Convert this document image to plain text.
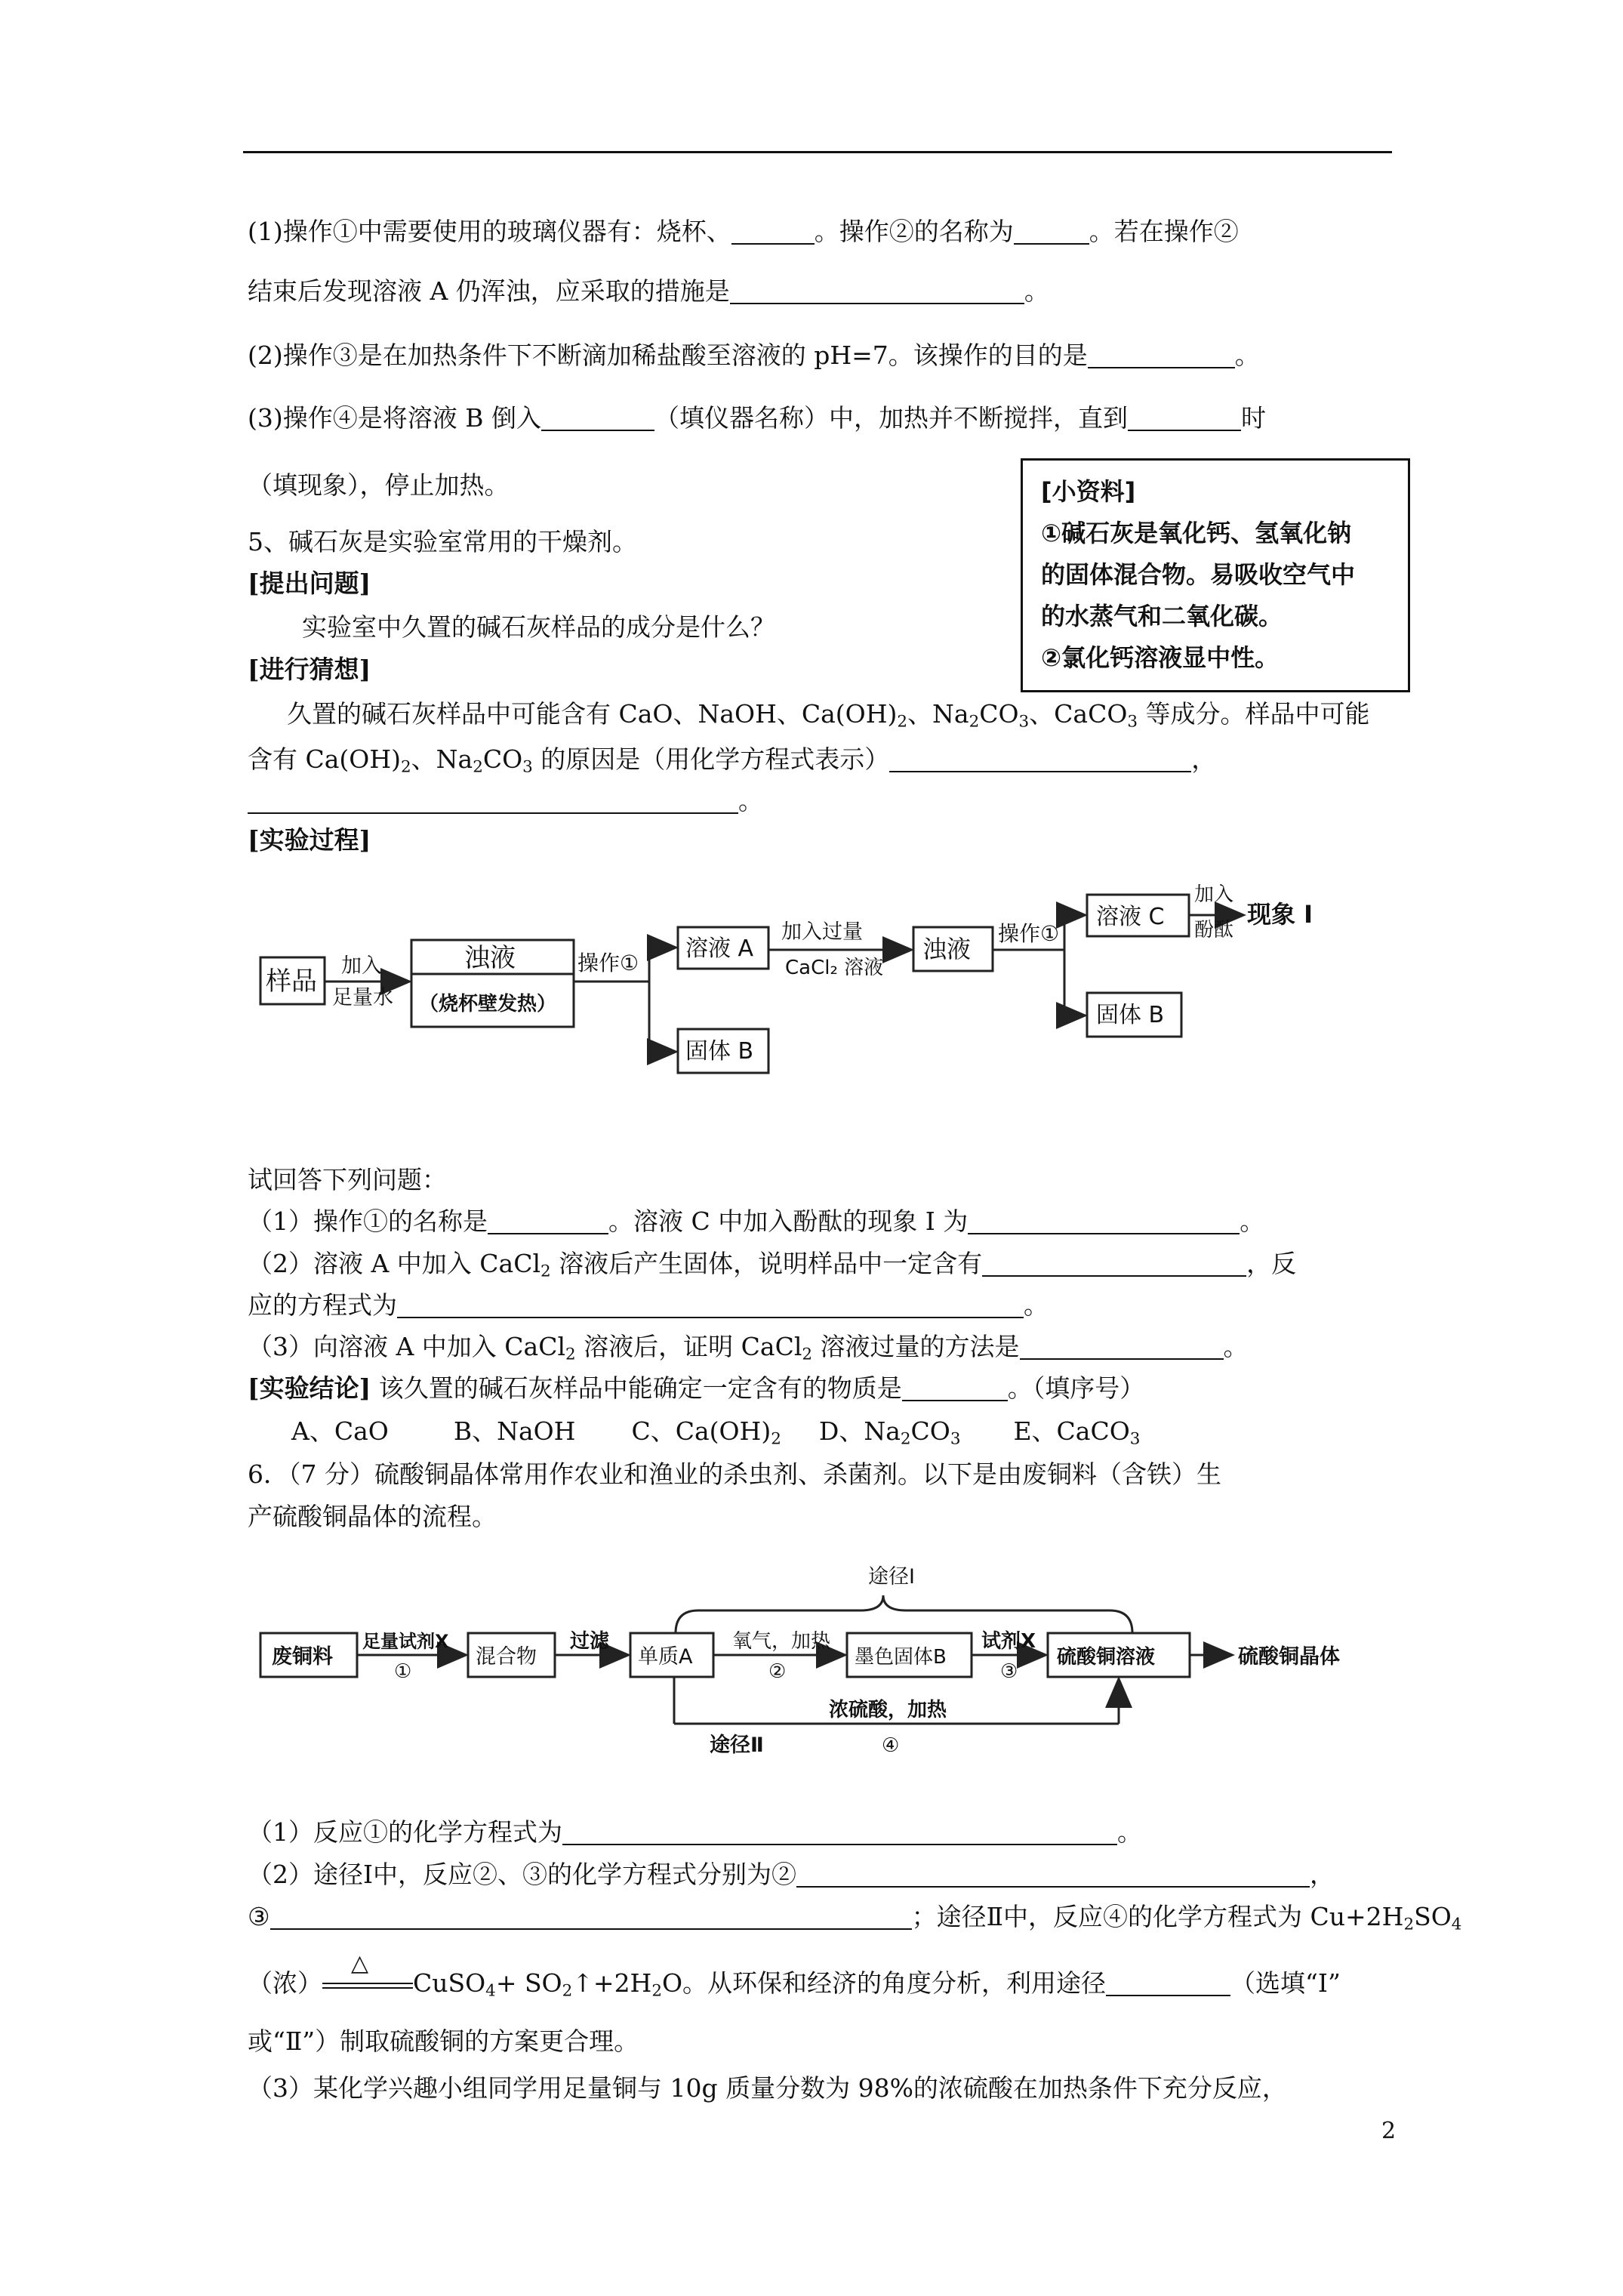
(1)操作①中需要使用的玻璃仪器有：烧杯、	。操作②的名称为	。若在操作②
结束后发现溶液 A 仍浑浊，应采取的措施是	。
(2)操作③是在加热条件下不断滴加稀盐酸至溶液的 pH=7。该操作的目的是	。
(3)操作④是将溶液 B 倒入	（填仪器名称）中，加热并不断搅拌，直到	时
（填现象），停止加热。	[小资料]
①碱石灰是氧化钙、氢氧化钠
的固体混合物。易吸收空气中
的水蒸气和二氧化碳。
②氯化钙溶液显中性。
5、碱石灰是实验室常用的干燥剂。
[提出问题]
实验室中久置的碱石灰样品的成分是什么？
[进行猜想]
久置的碱石灰样品中可能含有 CaO、NaOH、$Ca(OH)_2$、$Na_2CO_3$、CaCO$_3$ 等成分。样品中可能
含有 $Ca(OH)_2$、$Na_2CO_3$ 的原因是（用化学方程式表示）	，
。
[实验过程]
样品
加入
足量水
浊液
（烧杯壁发热）
操作①
溶液 A
固体 B
加入过量
CaCl₂ 溶液
浊液
操作①
溶液 C
加入
酚酞
现象 I
固体 B
试回答下列问题：
（1）操作①的名称是	。溶液 C 中加入酚酞的现象 I 为	。
（2）溶液 A 中加入 CaCl$_2$ 溶液后产生固体，说明样品中一定含有	，反
应的方程式为	。
（3）向溶液 A 中加入 CaCl$_2$ 溶液后，证明 CaCl$_2$ 溶液过量的方法是	。
[实验结论] 该久置的碱石灰样品中能确定一定含有的物质是	。（填序号）
A、CaO	B、NaOH C、$Ca(OH)_2$ D、$Na_2CO_3$ E、CaCO$_3$
6．（7 分）硫酸铜晶体常用作农业和渔业的杀虫剂、杀菌剂。以下是由废铜料（含铁）生
产硫酸铜晶体的流程。
途径Ⅰ
废铜料
足量试剂X
①
混合物
过滤
单质A
氧气，加热
②
墨色固体B
试剂X
③
硫酸铜溶液	硫酸铜晶体
浓硫酸，加热
④
途径Ⅱ
（1）反应①的化学方程式为	。
（2）途径Ⅰ中，反应②、③的化学方程式分别为②	，
③	；途径Ⅱ中，反应④的化学方程式为 $Cu+2H_2SO_4$
（浓）
△
CuSO$_4$+ $SO_2↑+2H_2O$。从环保和经济的角度分析，利用途径	（选填“I”
或“Ⅱ”）制取硫酸铜的方案更合理。
（3）某化学兴趣小组同学用足量铜与 10g 质量分数为 98%的浓硫酸在加热条件下充分反应，
2
